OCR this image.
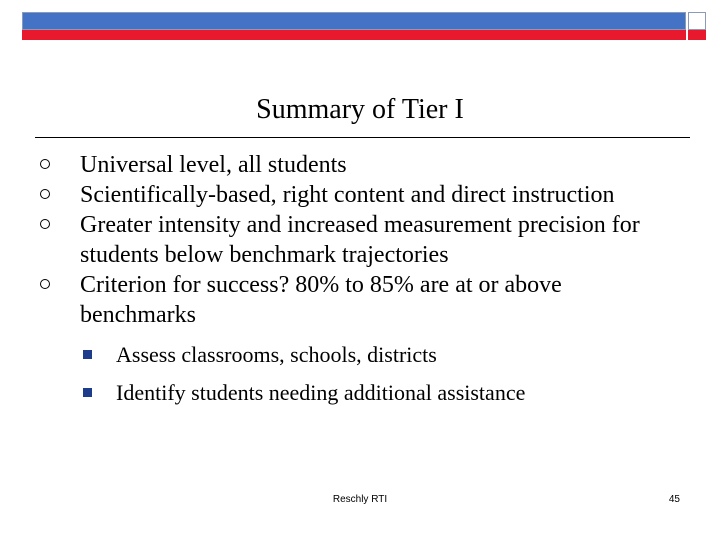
Summary of Tier I
Universal level, all students
Scientifically-based, right content and direct instruction
Greater intensity and increased measurement precision for students below benchmark trajectories
Criterion for success? 80% to 85% are at or above benchmarks
Assess classrooms, schools, districts
Identify students needing additional assistance
Reschly RTI	45
